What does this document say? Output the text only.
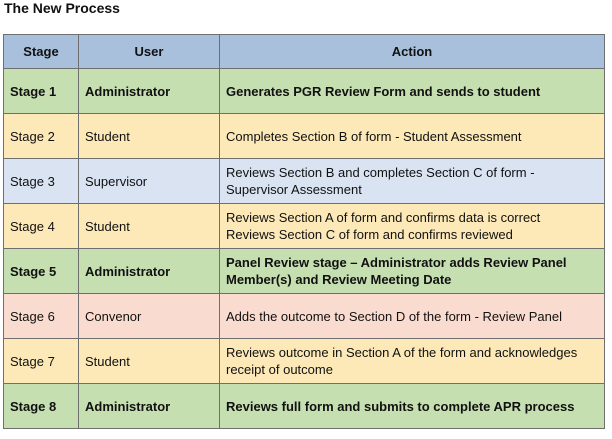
The New Process
Stage	User	Action
Stage 1	Administrator	Generates PGR Review Form and sends to student

Stage 2	Student	Completes Section B of form - Student Assessment

Stage 3	Supervisor	Reviews Section B and completes Section C of form -
Supervisor Assessment

Stage 4	Student	Reviews Section A of form and confirms data is correct
Reviews Section C of form and confirms reviewed

Stage 5	Administrator	Panel Review stage – Administrator adds Review Panel
Member(s) and Review Meeting Date

Stage 6	Convenor	Adds the outcome to Section D of the form - Review Panel

Stage 7	Student	Reviews outcome in Section A of the form and acknowledges
receipt of outcome

Stage 8	Administrator	Reviews full form and submits to complete APR process
